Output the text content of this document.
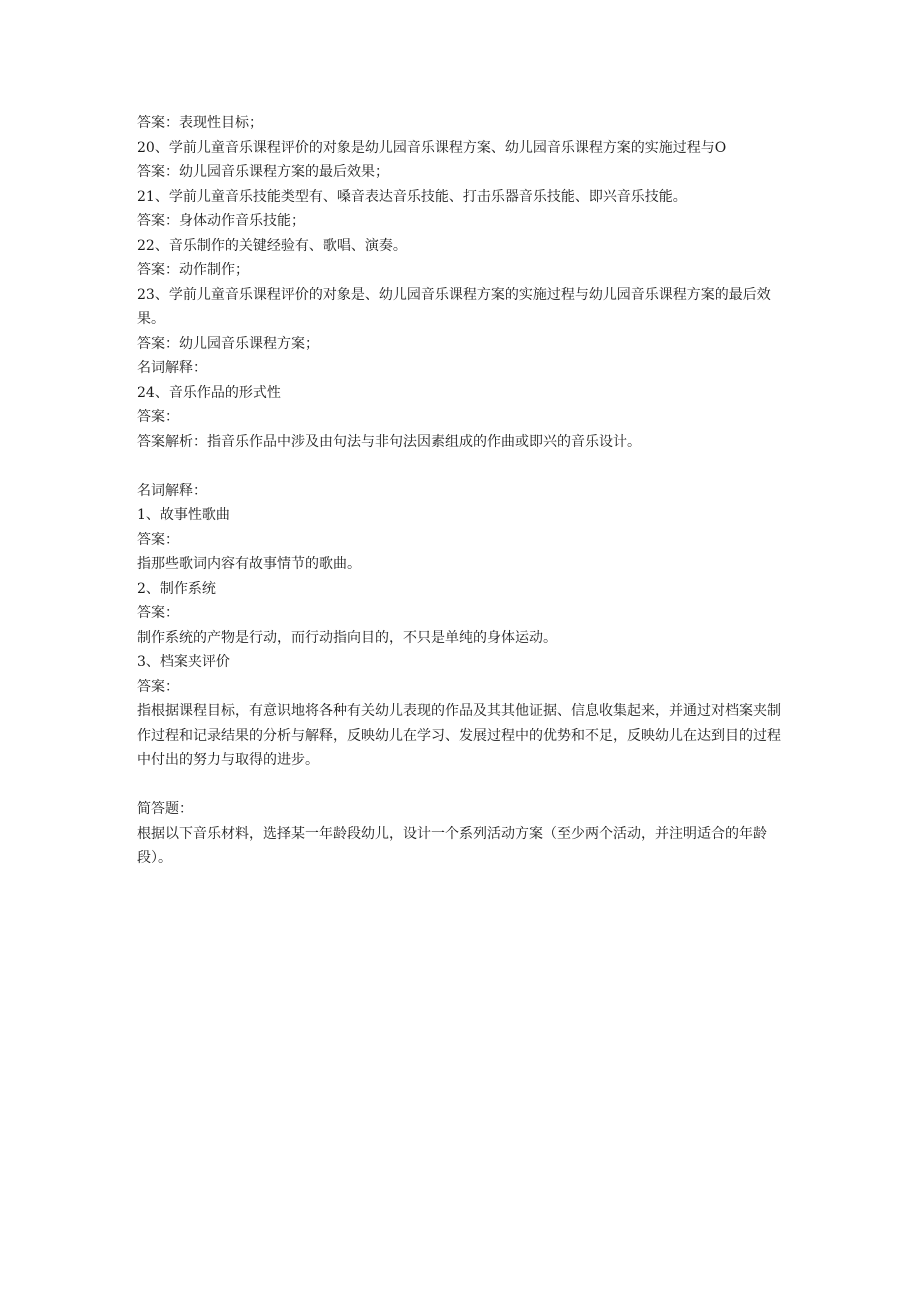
答案：表现性目标；
20、学前儿童音乐课程评价的对象是幼儿园音乐课程方案、幼儿园音乐课程方案的实施过程与O
答案：幼儿园音乐课程方案的最后效果；
21、学前儿童音乐技能类型有、嗓音表达音乐技能、打击乐器音乐技能、即兴音乐技能。
答案：身体动作音乐技能；
22、音乐制作的关键经验有、歌唱、演奏。
答案：动作制作；
23、学前儿童音乐课程评价的对象是、幼儿园音乐课程方案的实施过程与幼儿园音乐课程方案的最后效果。
答案：幼儿园音乐课程方案；
名词解释：
24、音乐作品的形式性
答案：
答案解析：指音乐作品中涉及由句法与非句法因素组成的作曲或即兴的音乐设计。
名词解释：
1、故事性歌曲
答案：
指那些歌词内容有故事情节的歌曲。
2、制作系统
答案：
制作系统的产物是行动，而行动指向目的，不只是单纯的身体运动。
3、档案夹评价
答案：
指根据课程目标，有意识地将各种有关幼儿表现的作品及其其他证据、信息收集起来，并通过对档案夹制作过程和记录结果的分析与解释，反映幼儿在学习、发展过程中的优势和不足，反映幼儿在达到目的过程中付出的努力与取得的进步。
简答题：
根据以下音乐材料，选择某一年龄段幼儿，设计一个系列活动方案（至少两个活动，并注明适合的年龄段）。
